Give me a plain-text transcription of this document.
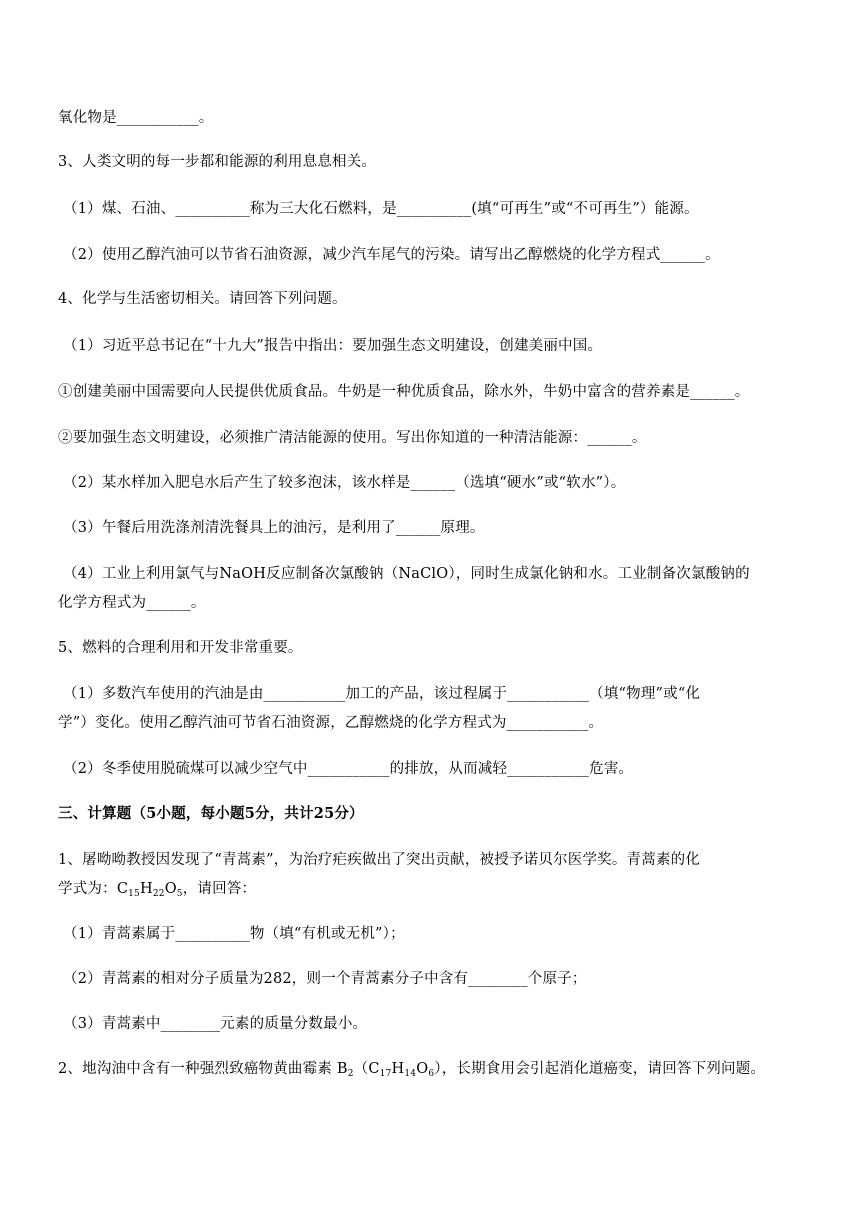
氧化物是___________。
3、人类文明的每一步都和能源的利用息息相关。
（1）煤、石油、__________称为三大化石燃料，是__________(填“可再生”或“不可再生”）能源。
（2）使用乙醇汽油可以节省石油资源，减少汽车尾气的污染。请写出乙醇燃烧的化学方程式______。
4、化学与生活密切相关。请回答下列问题。
（1）习近平总书记在“十九大”报告中指出：要加强生态文明建设，创建美丽中国。
①创建美丽中国需要向人民提供优质食品。牛奶是一种优质食品，除水外，牛奶中富含的营养素是______。
②要加强生态文明建设，必须推广清洁能源的使用。写出你知道的一种清洁能源：______。
（2）某水样加入肥皂水后产生了较多泡沫，该水样是______（选填“硬水”或“软水”）。
（3）午餐后用洗涤剂清洗餐具上的油污，是利用了______原理。
（4）工业上利用氯气与NaOH反应制备次氯酸钠（NaClO），同时生成氯化钠和水。工业制备次氯酸钠的
化学方程式为______。
5、燃料的合理利用和开发非常重要。
（1）多数汽车使用的汽油是由___________加工的产品，该过程属于___________（填“物理”或“化
学”）变化。使用乙醇汽油可节省石油资源，乙醇燃烧的化学方程式为___________。
（2）冬季使用脱硫煤可以减少空气中___________的排放，从而减轻___________危害。
三、计算题（5小题，每小题5分，共计25分）
1、屠呦呦教授因发现了“青蒿素”，为治疗疟疾做出了突出贡献，被授予诺贝尔医学奖。青蒿素的化
学式为：$C_{15}H_{22}O_5$，请回答：
（1）青蒿素属于__________物（填“有机或无机”）；
（2）青蒿素的相对分子质量为282，则一个青蒿素分子中含有________个原子；
（3）青蒿素中________元素的质量分数最小。
2、地沟油中含有一种强烈致癌物黄曲霉素 $B_2(C_{17}H_{14}O_6)$，长期食用会引起消化道癌变，请回答下列问题。
